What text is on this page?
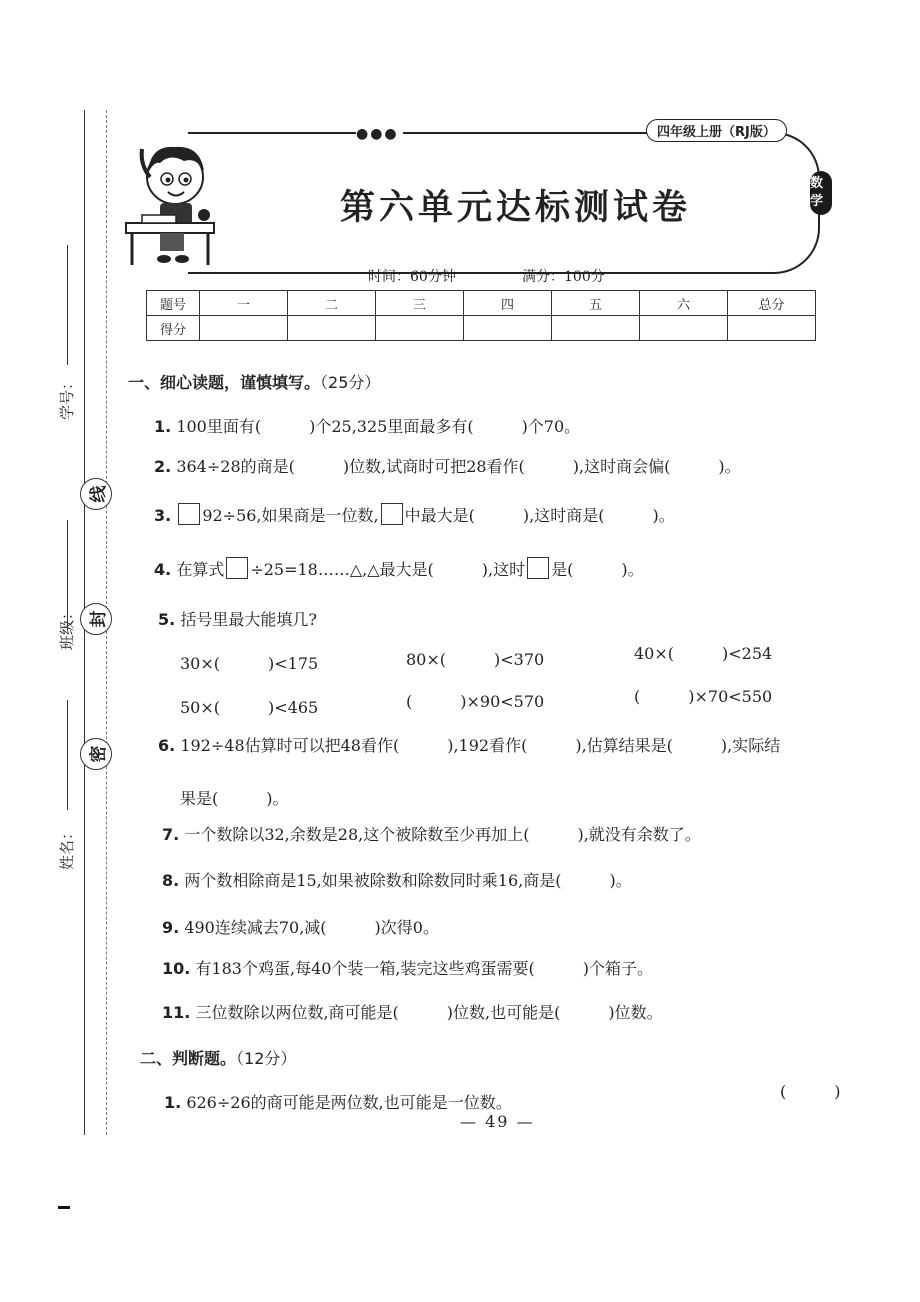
线
封
密
学号：
班级：
姓名：
●●●	四年级上册（RJ版）
数学
第六单元达标测试卷
时间：60分钟	满分：100分
题号	一	二	三	四	五	六	总分
得分							
一、细心读题，谨慎填写。（25分）
1. 100里面有(　　　)个25,325里面最多有(　　　)个70。
2. 364÷28的商是(　　　)位数,试商时可把28看作(　　　),这时商会偏(　　　)。
3. 92÷56,如果商是一位数, 中最大是(　　　),这时商是(　　　)。
4. 在算式 ÷25=18……△,△最大是(　　　),这时 是(　　　)。
5. 括号里最大能填几?
30×(　　　)<175	80×(　　　)<370	40×(　　　)<254
50×(　　　)<465	(　　　)×90<570	(　　　)×70<550
6. 192÷48估算时可以把48看作(　　　),192看作(　　　),估算结果是(　　　),实际结
果是(　　　)。
7. 一个数除以32,余数是28,这个被除数至少再加上(　　　),就没有余数了。
8. 两个数相除商是15,如果被除数和除数同时乘16,商是(　　　)。
9. 490连续减去70,减(　　　)次得0。
10. 有183个鸡蛋,每40个装一箱,装完这些鸡蛋需要(　　　)个箱子。
11. 三位数除以两位数,商可能是(　　　)位数,也可能是(　　　)位数。
二、判断题。（12分）
1. 626÷26的商可能是两位数,也可能是一位数。
(　　　)
— 49 —
